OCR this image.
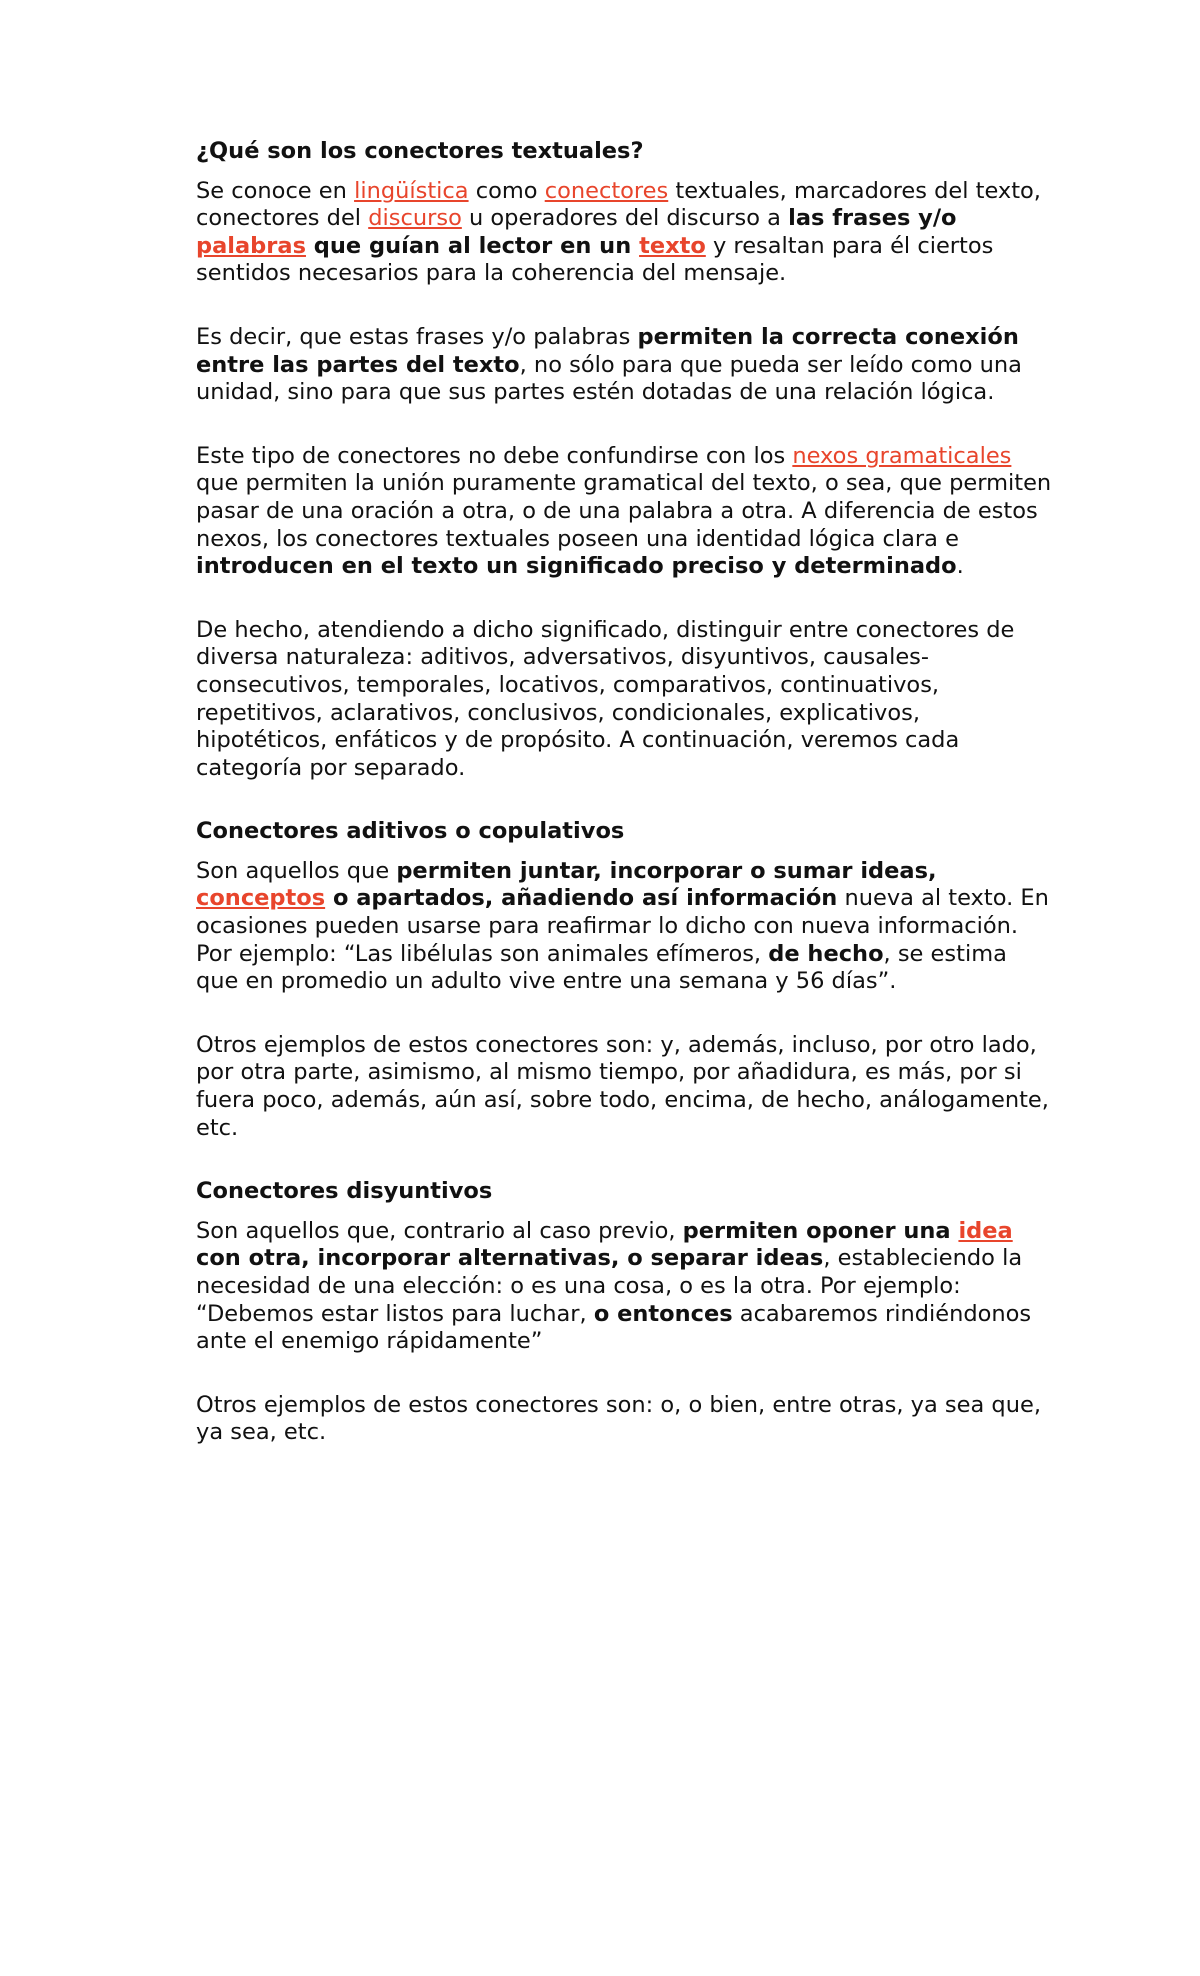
¿Qué son los conectores textuales?

Se conoce en lingüística como conectores textuales, marcadores del texto, conectores del discurso u operadores del discurso a las frases y/o palabras que guían al lector en un texto y resaltan para él ciertos sentidos necesarios para la coherencia del mensaje.

Es decir, que estas frases y/o palabras permiten la correcta conexión entre las partes del texto, no sólo para que pueda ser leído como una unidad, sino para que sus partes estén dotadas de una relación lógica.

Este tipo de conectores no debe confundirse con los nexos gramaticales que permiten la unión puramente gramatical del texto, o sea, que permiten pasar de una oración a otra, o de una palabra a otra. A diferencia de estos nexos, los conectores textuales poseen una identidad lógica clara e introducen en el texto un significado preciso y determinado.

De hecho, atendiendo a dicho significado, distinguir entre conectores de diversa naturaleza: aditivos, adversativos, disyuntivos, causales-consecutivos, temporales, locativos, comparativos, continuativos, repetitivos, aclarativos, conclusivos, condicionales, explicativos, hipotéticos, enfáticos y de propósito. A continuación, veremos cada categoría por separado.

Conectores aditivos o copulativos

Son aquellos que permiten juntar, incorporar o sumar ideas, conceptos o apartados, añadiendo así información nueva al texto. En ocasiones pueden usarse para reafirmar lo dicho con nueva información. Por ejemplo: “Las libélulas son animales efímeros, de hecho, se estima que en promedio un adulto vive entre una semana y 56 días”.

Otros ejemplos de estos conectores son: y, además, incluso, por otro lado, por otra parte, asimismo, al mismo tiempo, por añadidura, es más, por si fuera poco, además, aún así, sobre todo, encima, de hecho, análogamente, etc.

Conectores disyuntivos

Son aquellos que, contrario al caso previo, permiten oponer una idea con otra, incorporar alternativas, o separar ideas, estableciendo la necesidad de una elección: o es una cosa, o es la otra. Por ejemplo: “Debemos estar listos para luchar, o entonces acabaremos rindiéndonos ante el enemigo rápidamente”

Otros ejemplos de estos conectores son: o, o bien, entre otras, ya sea que, ya sea, etc.
